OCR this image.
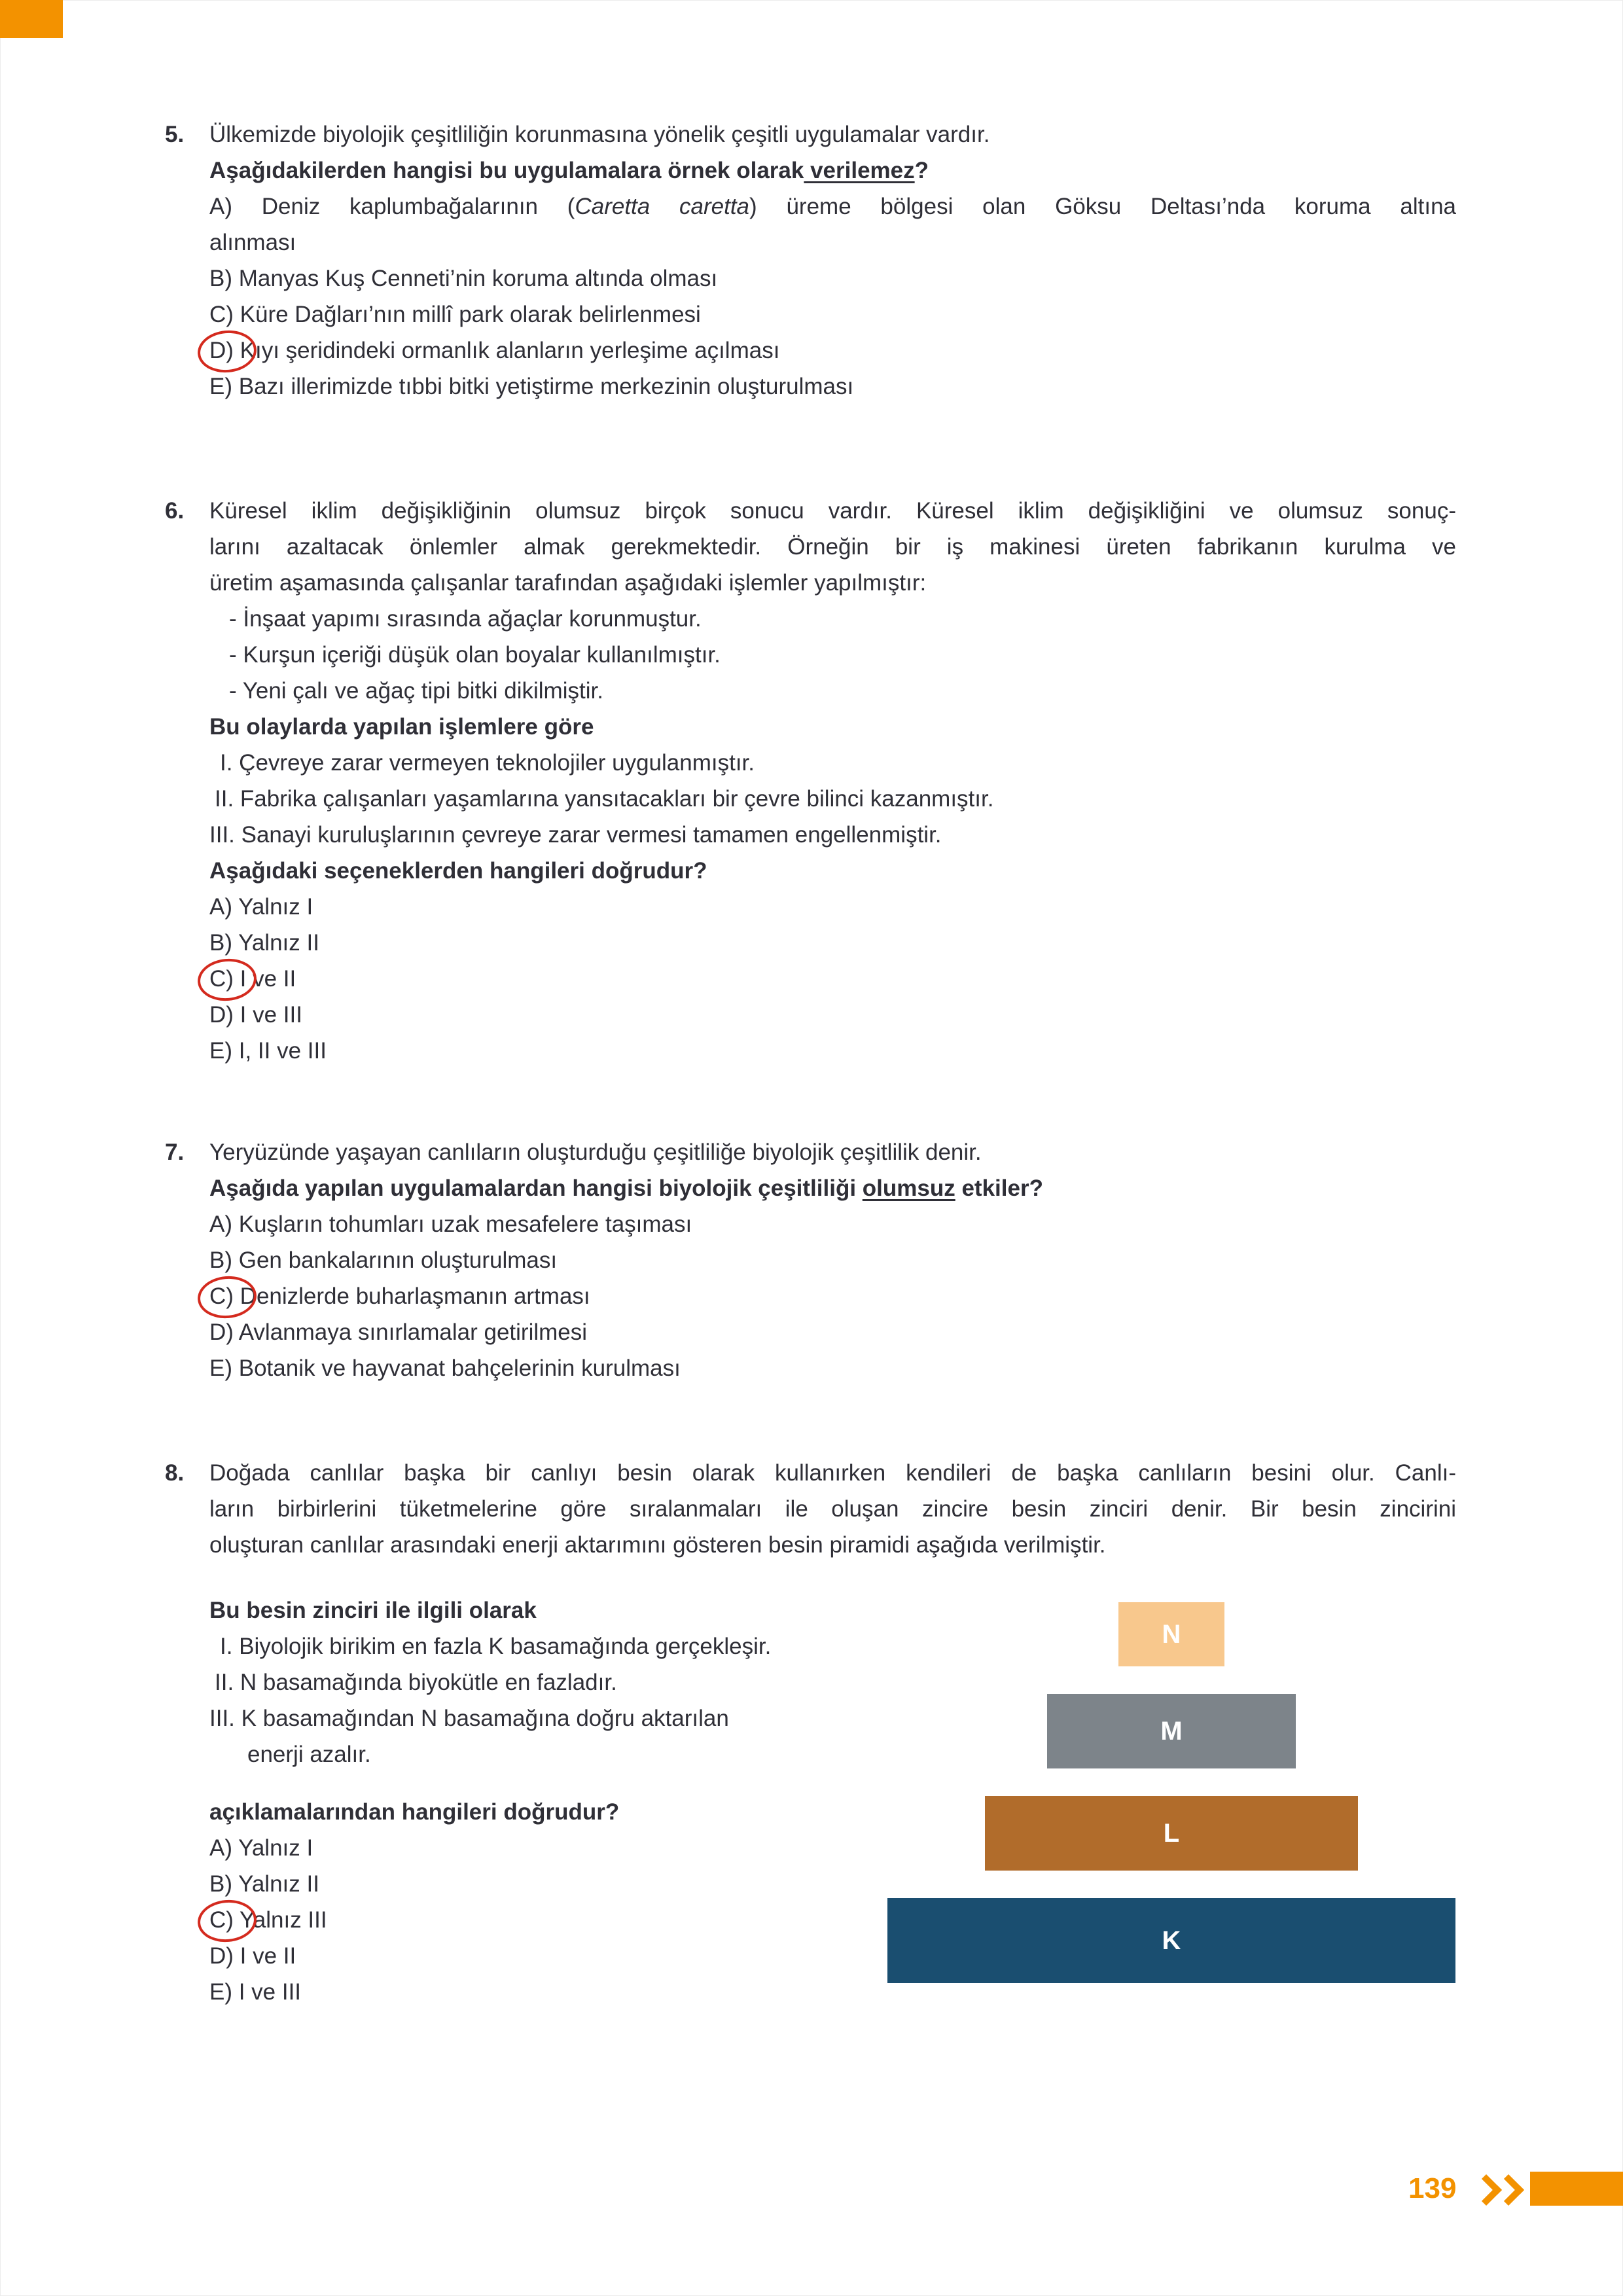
5. Ülkemizde biyolojik çeşitliliğin korunmasına yönelik çeşitli uygulamalar vardır.
Aşağıdakilerden hangisi bu uygulamalara örnek olarak verilemez?
A) Deniz kaplumbağalarının (Caretta caretta) üreme bölgesi olan Göksu Deltası’nda koruma altına
alınması
B) Manyas Kuş Cenneti’nin koruma altında olması
C) Küre Dağları’nın millî park olarak belirlenmesi
D) Kıyı şeridindeki ormanlık alanların yerleşime açılması
E) Bazı illerimizde tıbbi bitki yetiştirme merkezinin oluşturulması
6. Küresel iklim değişikliğinin olumsuz birçok sonucu vardır. Küresel iklim değişikliğini ve olumsuz sonuç-
larını azaltacak önlemler almak gerekmektedir. Örneğin bir iş makinesi üreten fabrikanın kurulma ve
üretim aşamasında çalışanlar tarafından aşağıdaki işlemler yapılmıştır:
- İnşaat yapımı sırasında ağaçlar korunmuştur.
- Kurşun içeriği düşük olan boyalar kullanılmıştır.
- Yeni çalı ve ağaç tipi bitki dikilmiştir.
Bu olaylarda yapılan işlemlere göre
I. Çevreye zarar vermeyen teknolojiler uygulanmıştır.
II. Fabrika çalışanları yaşamlarına yansıtacakları bir çevre bilinci kazanmıştır.
III. Sanayi kuruluşlarının çevreye zarar vermesi tamamen engellenmiştir.
Aşağıdaki seçeneklerden hangileri doğrudur?
A) Yalnız I
B) Yalnız II
C) I ve II
D) I ve III
E) I, II ve III
7. Yeryüzünde yaşayan canlıların oluşturduğu çeşitliliğe biyolojik çeşitlilik denir.
Aşağıda yapılan uygulamalardan hangisi biyolojik çeşitliliği olumsuz etkiler?
A) Kuşların tohumları uzak mesafelere taşıması
B) Gen bankalarının oluşturulması
C) Denizlerde buharlaşmanın artması
D) Avlanmaya sınırlamalar getirilmesi
E) Botanik ve hayvanat bahçelerinin kurulması
8. Doğada canlılar başka bir canlıyı besin olarak kullanırken kendileri de başka canlıların besini olur. Canlı-
ların birbirlerini tüketmelerine göre sıralanmaları ile oluşan zincire besin zinciri denir. Bir besin zincirini
oluşturan canlılar arasındaki enerji aktarımını gösteren besin piramidi aşağıda verilmiştir.
Bu besin zinciri ile ilgili olarak
I. Biyolojik birikim en fazla K basamağında gerçekleşir.
II. N basamağında biyokütle en fazladır.
III. K basamağından N basamağına doğru aktarılan
enerji azalır.
açıklamalarından hangileri doğrudur?
A) Yalnız I
B) Yalnız II
C) Yalnız III
D) I ve II
E) I ve III
N
M
L
K
139
